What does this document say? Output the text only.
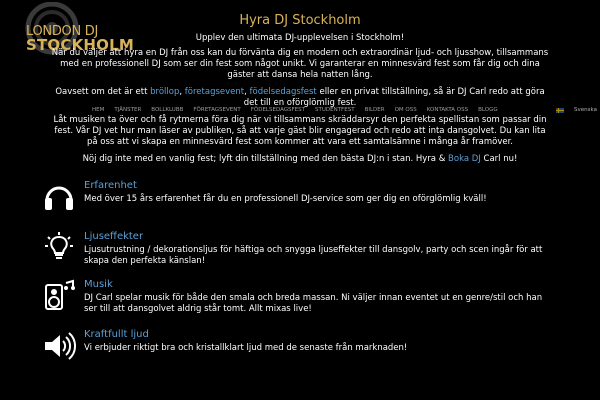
LONDON DJ
STOCKHOLM
HEM TJÄNSTER BOLLKLUBB FÖRETAGSEVENT FÖDELSEDAGSFEST STUDENTFEST BILDER OM OSS KONTAKTA OSS BLOGG	Svenska
Hyra DJ Stockholm
Upplev den ultimata DJ-upplevelsen i Stockholm!

När du väljer att hyra en DJ från oss kan du förvänta dig en modern och extraordinär ljud- och ljusshow, tillsammans med en professionell DJ som ser din fest som något unikt. Vi garanterar en minnesvärd fest som får dig och dina gäster att dansa hela natten lång.

Oavsett om det är ett bröllop, företagsevent, födelsedagsfest eller en privat tillställning, så är DJ Carl redo att göra det till en oförglömlig fest.

Låt musiken ta över och få rytmerna föra dig när vi tillsammans skräddarsyr den perfekta spellistan som passar din fest. Vår DJ vet hur man läser av publiken, så att varje gäst blir engagerad och redo att inta dansgolvet. Du kan lita på oss att vi skapa en minnesvärd fest som kommer att vara ett samtalsämne i många år framöver.

Nöj dig inte med en vanlig fest; lyft din tillställning med den bästa DJ:n i stan. Hyra & Boka DJ Carl nu!

Erfarenhet
Med över 15 års erfarenhet får du en professionell DJ-service som ger dig en oförglömlig kväll!
Ljuseffekter
Ljusutrustning / dekorationsljus för häftiga och snygga ljuseffekter till dansgolv, party och scen ingår för att skapa den perfekta känslan!
Musik
DJ Carl spelar musik för både den smala och breda massan. Ni väljer innan eventet ut en genre/stil och han ser till att dansgolvet aldrig står tomt. Allt mixas live!
Kraftfullt ljud
Vi erbjuder riktigt bra och kristallklart ljud med de senaste från marknaden!
